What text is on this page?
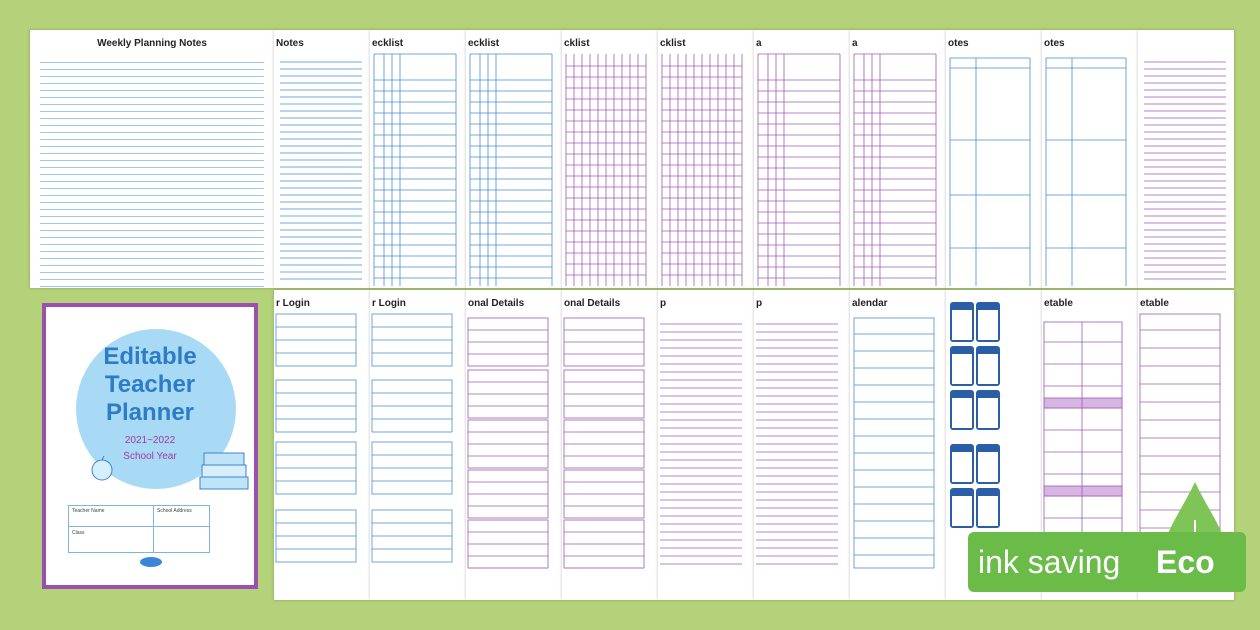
Weekly Planning Notes	Notes	ecklist	ecklist	cklist	cklist	a	a	otes	otes
r Login	r Login	onal Details	onal Details	p	p	alendar	etable	etable
Editable
Teacher
Planner
2021~2022
School Year
Teacher Name	School Address
Class
ink saving Eco
